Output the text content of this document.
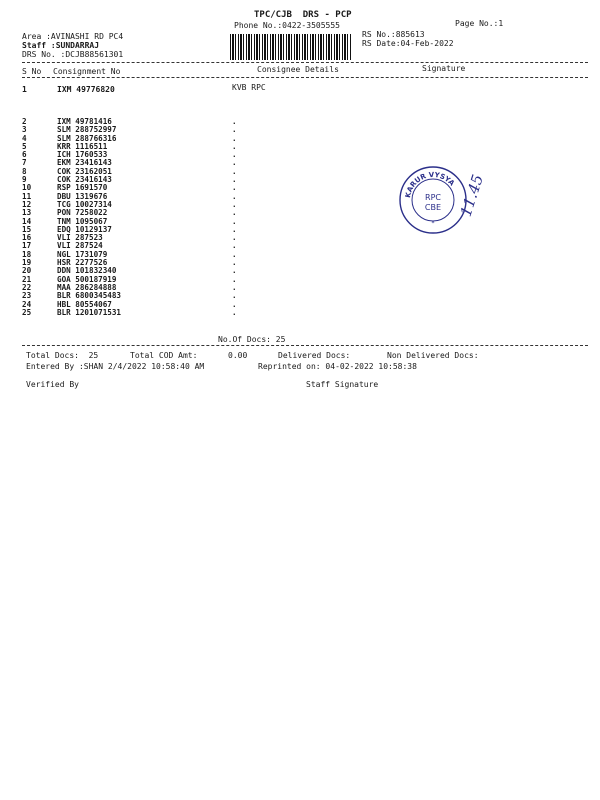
TPC/CJB  DRS - PCP
Phone No.:0422-3505555	Page No.:1
Area :AVINASHI RD PC4
Staff :SUNDARRAJ
DRS No. :DCJB88561301
RS No.:885613
RS Date:04-Feb-2022
S No Consignment No	Consignee Details	Signature
1	IXM 49776820	KVB RPC
2	IXM 49781416	.
3	SLM 288752997	.
4	SLM 288766316	.
5	KRR 1116511	.
6	ICH 1760533	.
7	EKM 23416143	.
8	COK 23162051	.
9	COK 23416143	.
10	RSP 1691570	.
11	DBU 1319676	.
12	TCG 10027314	.
13	PON 7258022	.
14	TNM 1095067	.
15	EDQ 10129137	.
16	VLI 287523	.
17	VLI 287524	.
18	NGL 1731079	.
19	HSR 2277526	.
20	DDN 101832340	.
21	GOA 500187919	.
22	MAA 286284888	.
23	BLR 6800345483	.
24	HBL 80554067	.
25	BLR 1201071531	.
KARUR VYSYA
RPC
CBE
*
11.45
No.Of Docs: 25
Total Docs:  25	Total COD Amt:	0.00	Delivered Docs:	Non Delivered Docs:
Entered By :SHAN 2/4/2022 10:58:40 AM	Reprinted on: 04-02-2022 10:58:38
Verified By	Staff Signature
